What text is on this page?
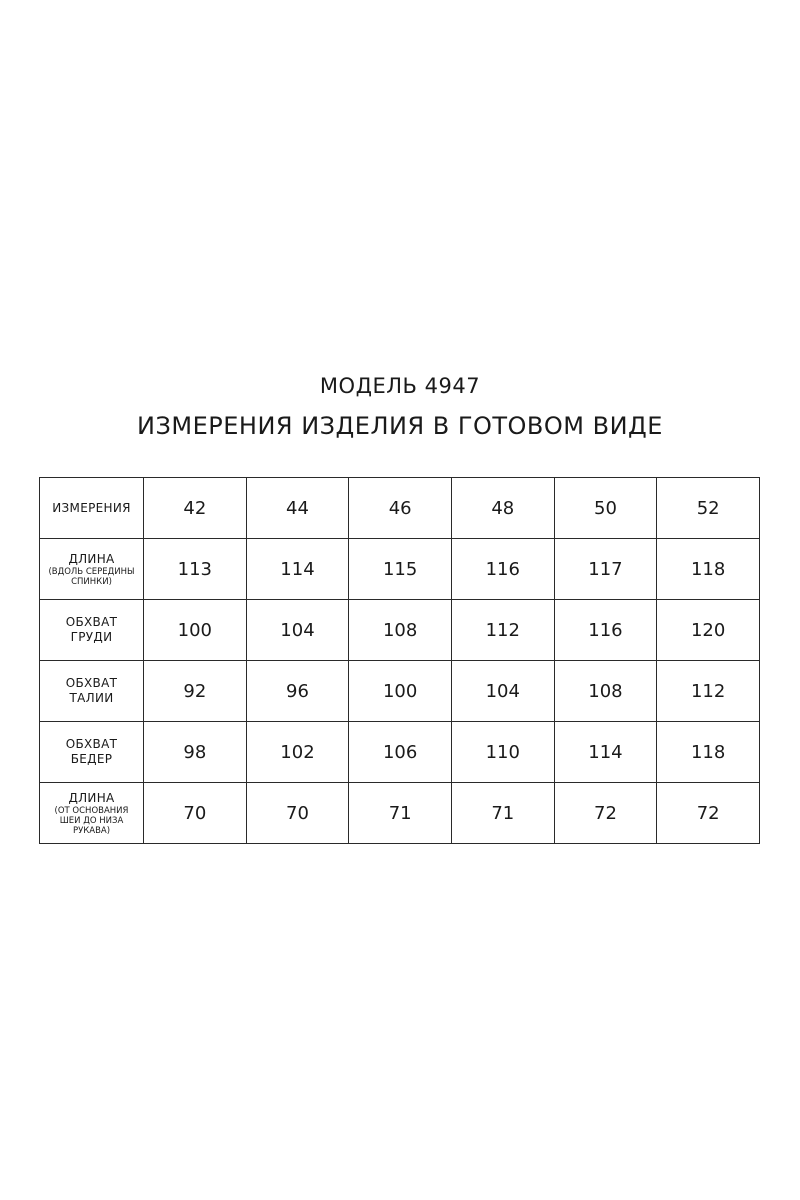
МОДЕЛЬ 4947
ИЗМЕРЕНИЯ ИЗДЕЛИЯ В ГОТОВОМ ВИДЕ
ИЗМЕРЕНИЯ	42	44	46	48	50	52

ДЛИНА
(ВДОЛЬ СЕРЕДИНЫ
СПИНКИ)	113	114	115	116	117	118

ОБХВАТ
ГРУДИ	100	104	108	112	116	120

ОБХВАТ
ТАЛИИ	92	96	100	104	108	112

ОБХВАТ
БЕДЕР	98	102	106	110	114	118

ДЛИНА
(ОТ ОСНОВАНИЯ
ШЕИ ДО НИЗА
РУКАВА)	70	70	71	71	72	72
